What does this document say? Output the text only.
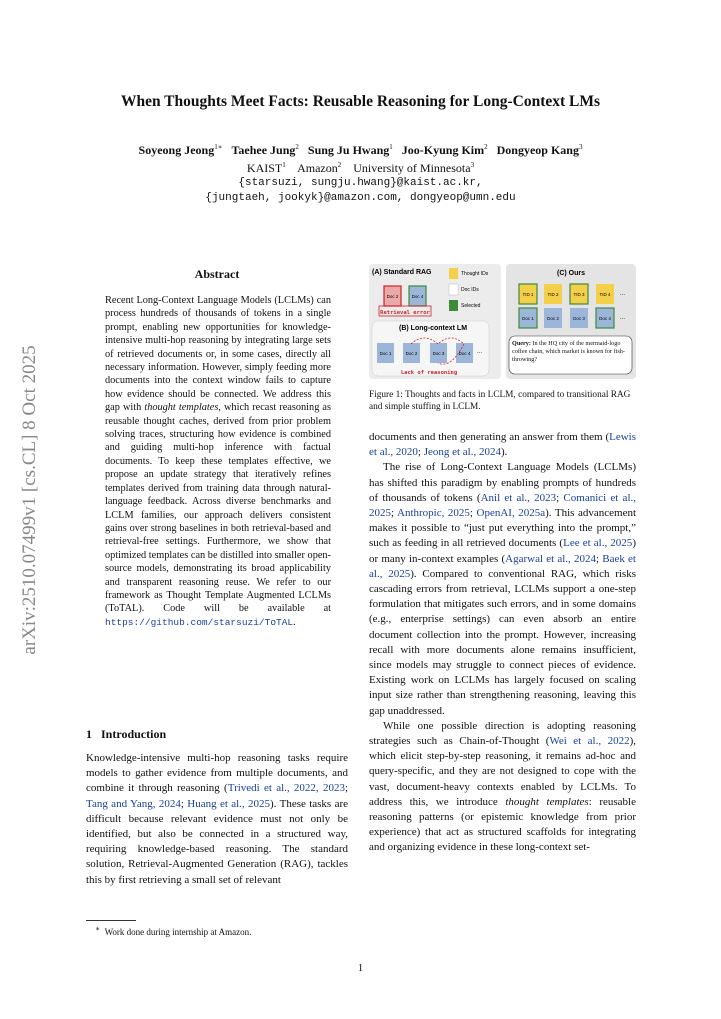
arXiv:2510.07499v1 [cs.CL] 8 Oct 2025
When Thoughts Meet Facts: Reusable Reasoning for Long-Context LMs
Soyeong Jeong$^{1∗}$ Taehee Jung$^2$ Sung Ju Hwang$^1$ Joo-Kyung Kim$^2$ Dongyeop Kang$^3$
KAIST$^1$ Amazon$^2$ University of Minnesota$^3$
{starsuzi, sungju.hwang}@kaist.ac.kr,
{jungtaeh, jookyk}@amazon.com, dongyeop@umn.edu
Abstract
Recent Long-Context Language Models (LCLMs) can process hundreds of thousands of tokens in a single prompt, enabling new opportunities for knowledge-intensive multi-hop reasoning by integrating large sets of retrieved documents or, in some cases, directly all necessary information. However, simply feeding more documents into the context window fails to capture how evidence should be connected. We address this gap with thought templates, which recast reasoning as reusable thought caches, derived from prior problem solving traces, structuring how evidence is combined and guiding multi-hop inference with factual documents. To keep these templates effective, we propose an update strategy that iteratively refines templates derived from training data through natural-language feedback. Across diverse benchmarks and LCLM families, our approach delivers consistent gains over strong baselines in both retrieval-based and retrieval-free settings. Furthermore, we show that optimized templates can be distilled into smaller open-source models, demonstrating its broad applicability and transparent reasoning reuse. We refer to our framework as Thought Template Augmented LCLMs (ToTAL). Code will be available at https://github.com/starsuzi/ToTAL.
1 Introduction
Knowledge-intensive multi-hop reasoning tasks require models to gather evidence from multiple documents, and combine it through reasoning (Trivedi et al., 2022, 2023; Tang and Yang, 2024; Huang et al., 2025). These tasks are difficult because relevant evidence must not only be identified, but also be connected in a structured way, requiring knowledge-based reasoning. The standard solution, Retrieval-Augmented Generation (RAG), tackles this by first retrieving a small set of relevant
(A) Standard RAG
Doc 2	Doc 4
Retrieval error
Thought IDs
Doc IDs
Selected
(B) Long-context LM
Doc 1	Doc 2	Doc 3	Doc 4 ...
Lack of reasoning
(C) Ours
TID 1	TID 2	TID 3	TID 4 ...
Doc 1	Doc 2	Doc 3	Doc 4 ...
Query: In the HQ city of the mermaid-logo coffee chain, which market is known for fish-throwing?
Figure 1: Thoughts and facts in LCLM, compared to transitional RAG and simple stuffing in LCLM.

documents and then generating an answer from them (Lewis et al., 2020; Jeong et al., 2024).

The rise of Long-Context Language Models (LCLMs) has shifted this paradigm by enabling prompts of hundreds of thousands of tokens (Anil et al., 2023; Comanici et al., 2025; Anthropic, 2025; OpenAI, 2025a). This advancement makes it possible to “just put everything into the prompt,” such as feeding in all retrieved documents (Lee et al., 2025) or many in-context examples (Agarwal et al., 2024; Baek et al., 2025). Compared to conventional RAG, which risks cascading errors from retrieval, LCLMs support a one-step formulation that mitigates such errors, and in some domains (e.g., enterprise settings) can even absorb an entire document collection into the prompt. However, increasing recall with more documents alone remains insufficient, since models may struggle to connect pieces of evidence. Existing work on LCLMs has largely focused on scaling input size rather than strengthening reasoning, leaving this gap unaddressed.

While one possible direction is adopting reasoning strategies such as Chain-of-Thought (Wei et al., 2022), which elicit step-by-step reasoning, it remains ad-hoc and query-specific, and they are not designed to cope with the vast, document-heavy contexts enabled by LCLMs. To address this, we introduce thought templates: reusable reasoning patterns (or epistemic knowledge from prior experience) that act as structured scaffolds for integrating and organizing evidence in these long-context set-

∗ Work done during internship at Amazon.
1
